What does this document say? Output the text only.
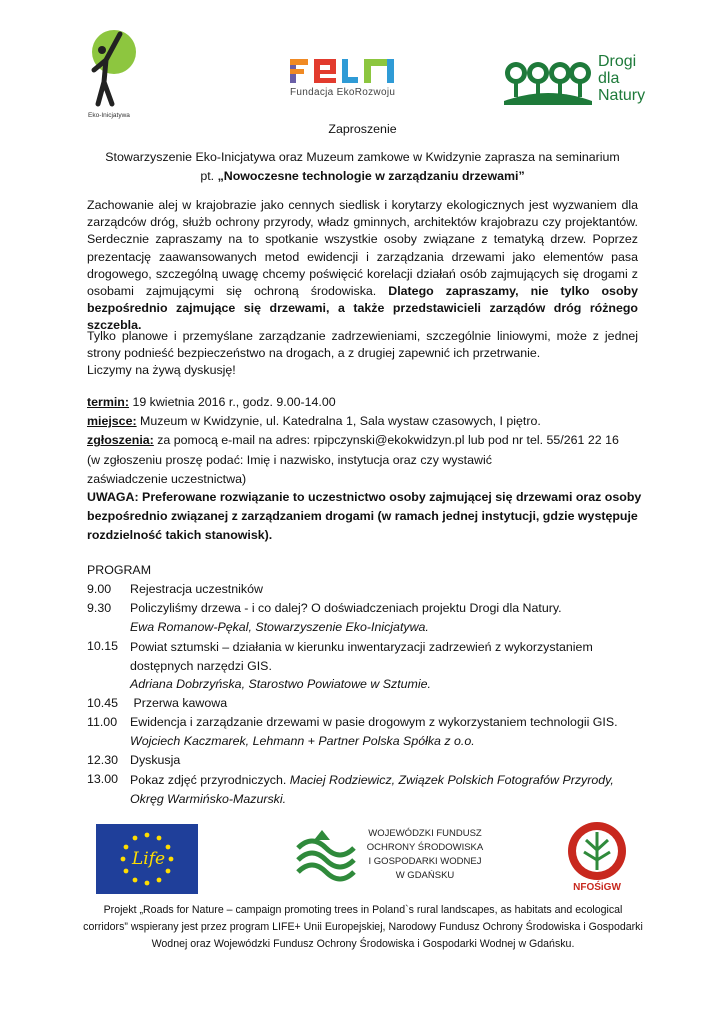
Eko-Inicjatywa
Fundacja EkoRozwoju
Drogi
dla
Natury
Zaproszenie
Stowarzyszenie Eko-Inicjatywa oraz Muzeum zamkowe w Kwidzynie zaprasza na seminarium
pt. „Nowoczesne technologie w zarządzaniu drzewami”
Zachowanie alej w krajobrazie jako cennych siedlisk i korytarzy ekologicznych jest wyzwaniem dla zarządców dróg, służb ochrony przyrody, władz gminnych, architektów krajobrazu czy projektantów. Serdecznie zapraszamy na to spotkanie wszystkie osoby związane z tematyką drzew. Poprzez prezentację zaawansowanych metod ewidencji i zarządzania drzewami jako elementów pasa drogowego, szczególną uwagę chcemy poświęcić korelacji działań osób zajmujących się drogami z osobami zajmującymi się ochroną środowiska. Dlatego zapraszamy, nie tylko osoby bezpośrednio zajmujące się drzewami, a także przedstawicieli zarządów dróg różnego szczebla.
Tylko planowe i przemyślane zarządzanie zadrzewieniami, szczególnie liniowymi, może z jednej strony podnieść bezpieczeństwo na drogach, a z drugiej zapewnić ich przetrwanie.
Liczymy na żywą dyskusję!
termin: 19 kwietnia 2016 r., godz. 9.00-14.00
miejsce: Muzeum w Kwidzynie, ul. Katedralna 1, Sala wystaw czasowych, I piętro.
zgłoszenia: za pomocą e-mail na adres: rpipczynski@ekokwidzyn.pl lub pod nr tel. 55/261 22 16
(w zgłoszeniu proszę podać: Imię i nazwisko, instytucja oraz czy wystawić zaświadczenie uczestnictwa)
UWAGA: Preferowane rozwiązanie to uczestnictwo osoby zajmującej się drzewami oraz osoby bezpośrednio związanej z zarządzaniem drogami (w ramach jednej instytucji, gdzie występuje rozdzielność takich stanowisk).
PROGRAM
9.00	Rejestracja uczestników
9.30	Policzyliśmy drzewa - i co dalej? O doświadczeniach projektu Drogi dla Natury.
Ewa Romanow-Pękal, Stowarzyszenie Eko-Inicjatywa.
10.15 Powiat sztumski – działania w kierunku inwentaryzacji zadrzewień z wykorzystaniem dostępnych narzędzi GIS.
Adriana Dobrzyńska, Starostwo Powiatowe w Sztumie.
10.45 Przerwa kawowa
11.00	Ewidencja i zarządzanie drzewami w pasie drogowym z wykorzystaniem technologii GIS.
Wojciech Kaczmarek, Lehmann + Partner Polska Spółka z o.o.
12.30 Dyskusja
13.00 Pokaz zdjęć przyrodniczych. Maciej Rodziewicz, Związek Polskich Fotografów Przyrody, Okręg Warmińsko-Mazurski.
Life
WOJEWÓDZKI FUNDUSZ
OCHRONY ŚRODOWISKA
I GOSPODARKI WODNEJ
W GDAŃSKU
NFOŚiGW
Projekt „Roads for Nature – campaign promoting trees in Poland`s rural landscapes, as habitats and ecological corridors” wspierany jest przez program LIFE+ Unii Europejskiej, Narodowy Fundusz Ochrony Środowiska i Gospodarki Wodnej oraz Wojewódzki Fundusz Ochrony Środowiska i Gospodarki Wodnej w Gdańsku.
